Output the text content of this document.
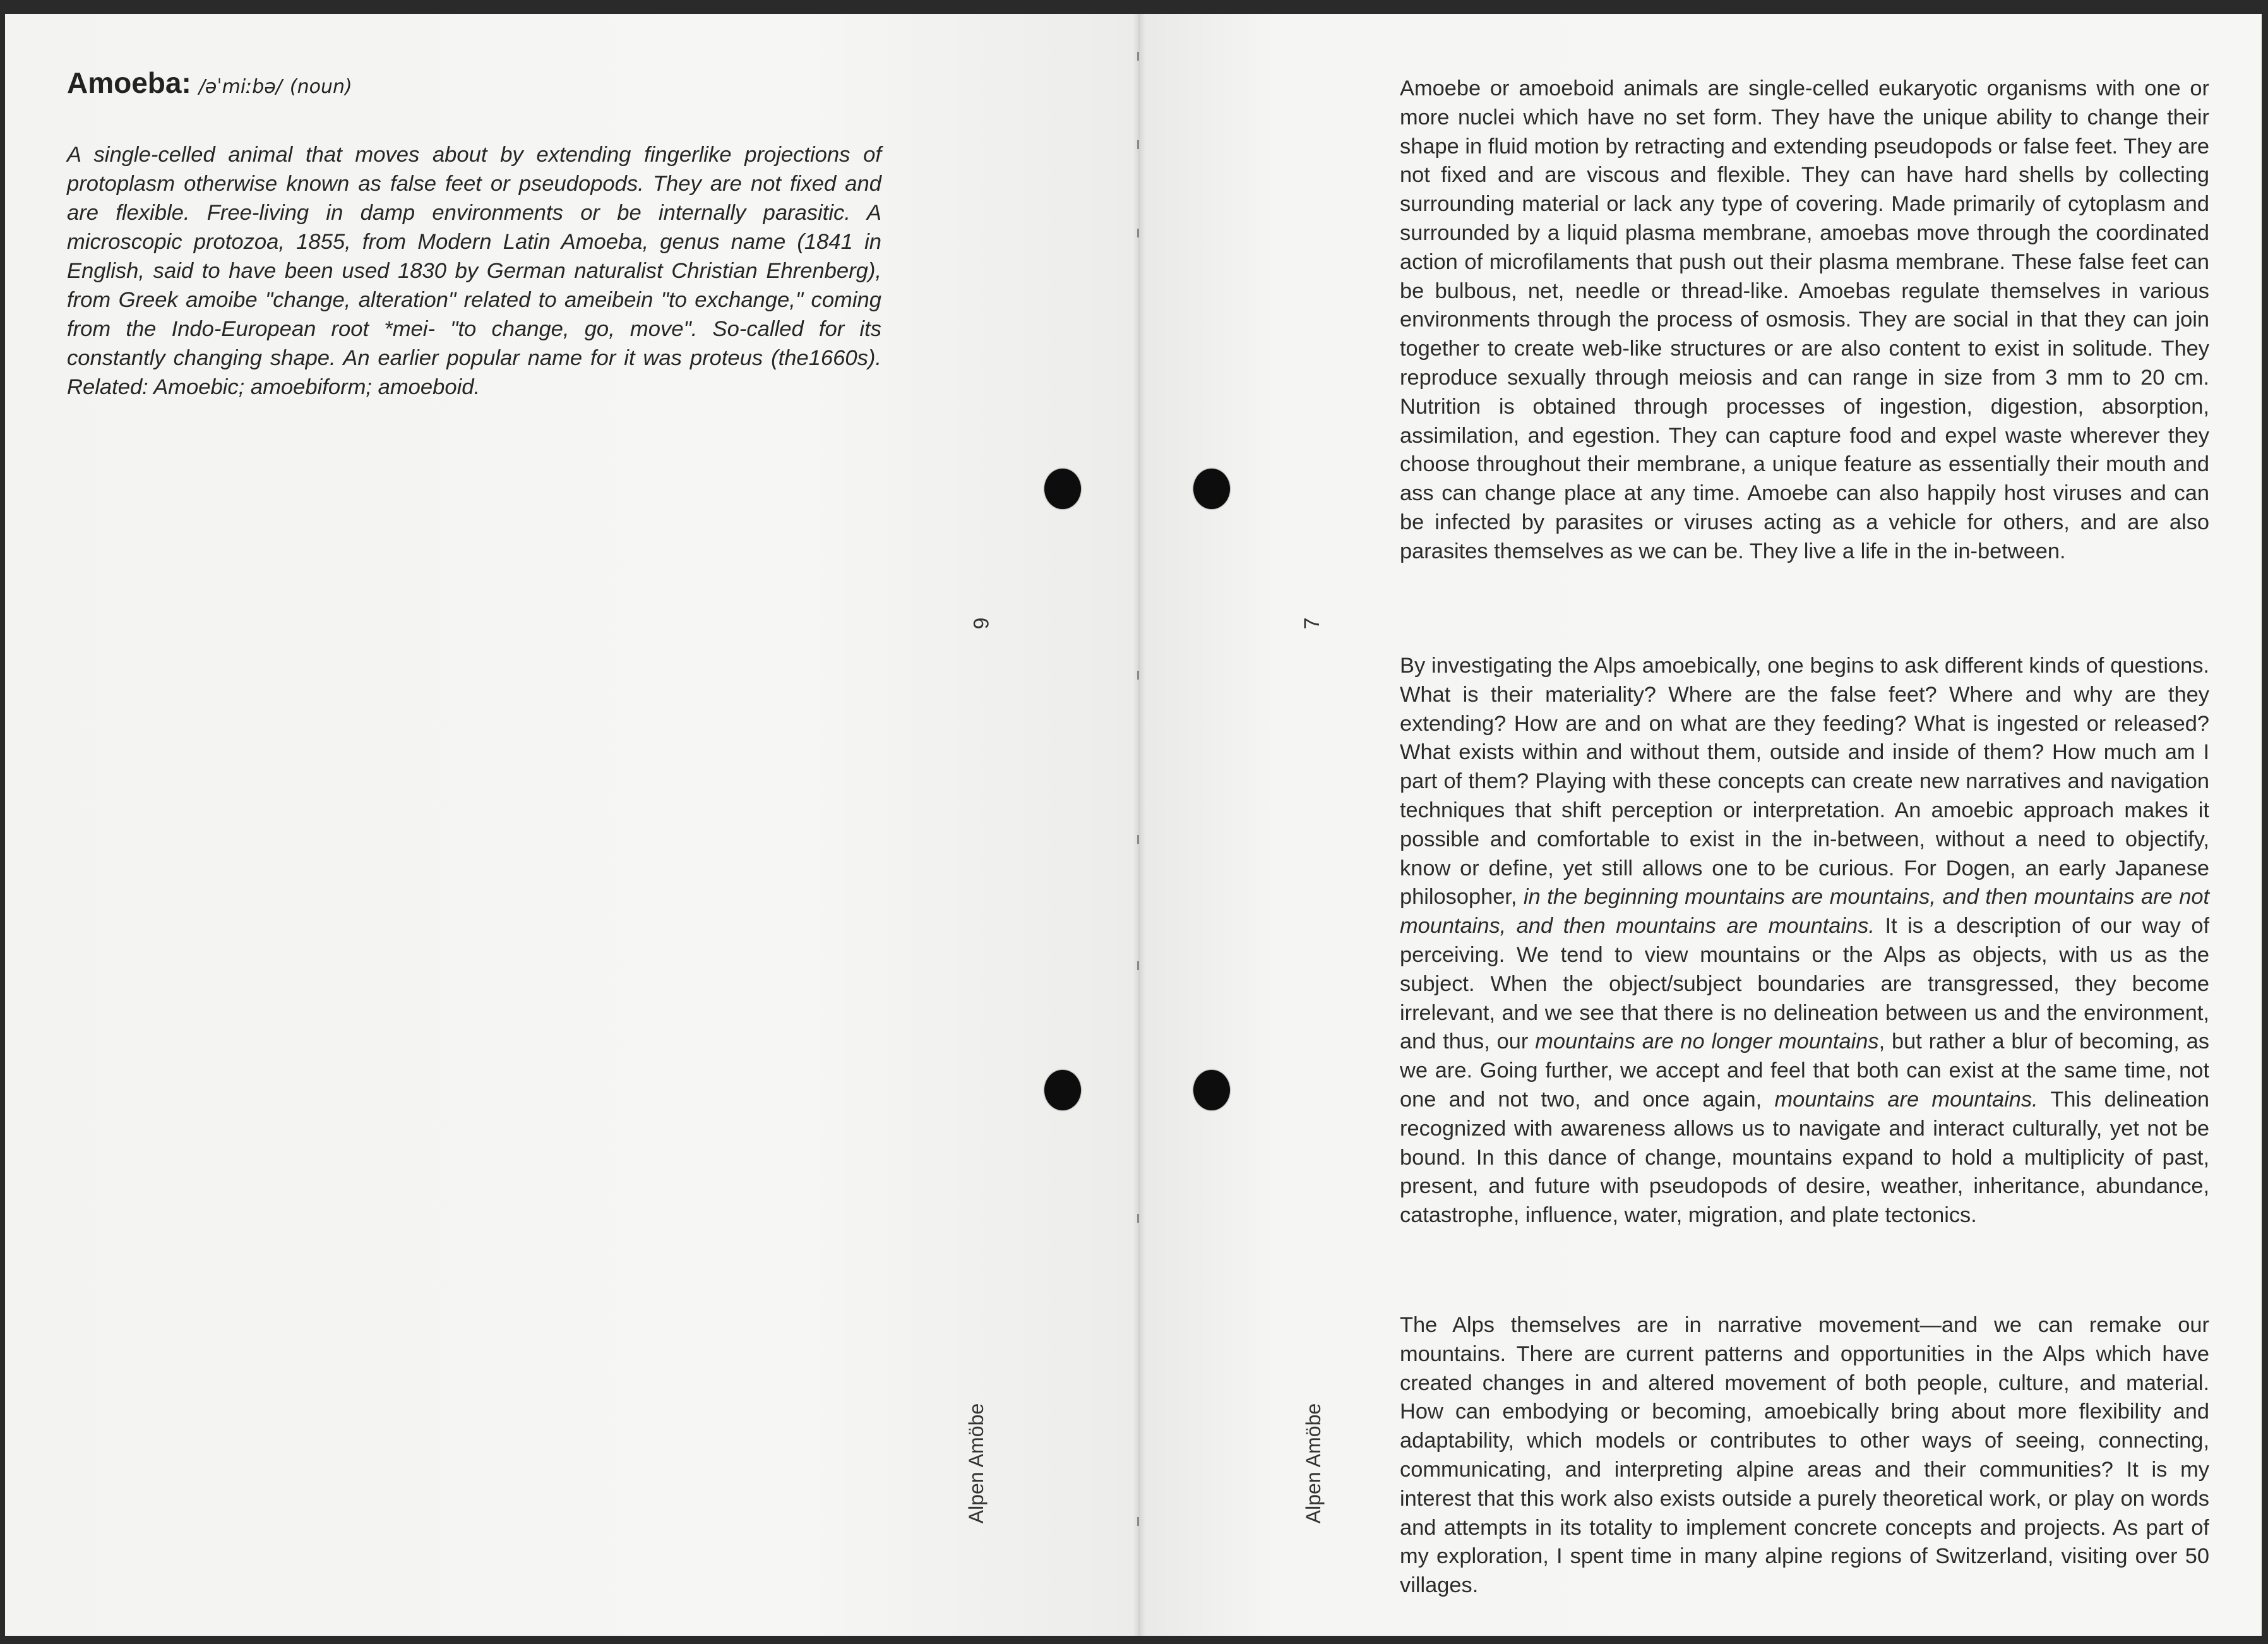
Amoeba: /əˈmiːbə/ (noun)

A single-celled animal that moves about by extending fingerlike projections of protoplasm otherwise known as false feet or pseudopods. They are not fixed and are flexible. Free-living in damp environments or be internally parasitic. A microscopic protozoa, 1855, from Modern Latin Amoeba, genus name (1841 in English, said to have been used 1830 by German naturalist Christian Ehrenberg), from Greek amoibe "change, alteration" related to ameibein "to exchange," coming from the Indo-European root *mei- "to change, go, move". So-called for its constantly changing shape. An earlier popular name for it was proteus (the1660s). Related: Amoebic; amoebiform; amoeboid.

6	7
Alpen Amöbe	Alpen Amöbe

Amoebe or amoeboid animals are single-celled eukaryotic organisms with one or more nuclei which have no set form. They have the unique ability to change their shape in fluid motion by retracting and extending pseudopods or false feet. They are not fixed and are viscous and flexible. They can have hard shells by collecting surrounding material or lack any type of covering. Made primarily of cytoplasm and surrounded by a liquid plasma membrane, amoebas move through the coordinated action of microfilaments that push out their plasma membrane. These false feet can be bulbous, net, needle or thread-like. Amoebas regulate themselves in various environments through the process of osmosis. They are social in that they can join together to create web-like structures or are also content to exist in solitude. They reproduce sexually through meiosis and can range in size from 3 mm to 20 cm. Nutrition is obtained through processes of ingestion, digestion, absorption, assimilation, and egestion. They can capture food and expel waste wherever they choose throughout their membrane, a unique feature as essentially their mouth and ass can change place at any time. Amoebe can also happily host viruses and can be infected by parasites or viruses acting as a vehicle for others, and are also parasites themselves as we can be. They live a life in the in-between.

By investigating the Alps amoebically, one begins to ask different kinds of questions. What is their materiality? Where are the false feet? Where and why are they extending? How are and on what are they feeding? What is ingested or released? What exists within and without them, outside and inside of them? How much am I part of them? Playing with these concepts can create new narratives and navigation techniques that shift perception or interpretation. An amoebic approach makes it possible and comfortable to exist in the in-between, without a need to objectify, know or define, yet still allows one to be curious. For Dogen, an early Japanese philosopher, in the beginning mountains are mountains, and then mountains are not mountains, and then mountains are mountains. It is a description of our way of perceiving. We tend to view mountains or the Alps as objects, with us as the subject. When the object/subject boundaries are transgressed, they become irrelevant, and we see that there is no delineation between us and the environment, and thus, our mountains are no longer mountains, but rather a blur of becoming, as we are. Going further, we accept and feel that both can exist at the same time, not one and not two, and once again, mountains are mountains. This delineation recognized with awareness allows us to navigate and interact culturally, yet not be bound. In this dance of change, mountains expand to hold a multiplicity of past, present, and future with pseudopods of desire, weather, inheritance, abundance, catastrophe, influence, water, migration, and plate tectonics.

The Alps themselves are in narrative movement—and we can remake our mountains. There are current patterns and opportunities in the Alps which have created changes in and altered movement of both people, culture, and material. How can embodying or becoming, amoebically bring about more flexibility and adaptability, which models or contributes to other ways of seeing, connecting, communicating, and interpreting alpine areas and their communities? It is my interest that this work also exists outside a purely theoretical work, or play on words and attempts in its totality to implement concrete concepts and projects. As part of my exploration, I spent time in many alpine regions of Switzerland, visiting over 50 villages.
